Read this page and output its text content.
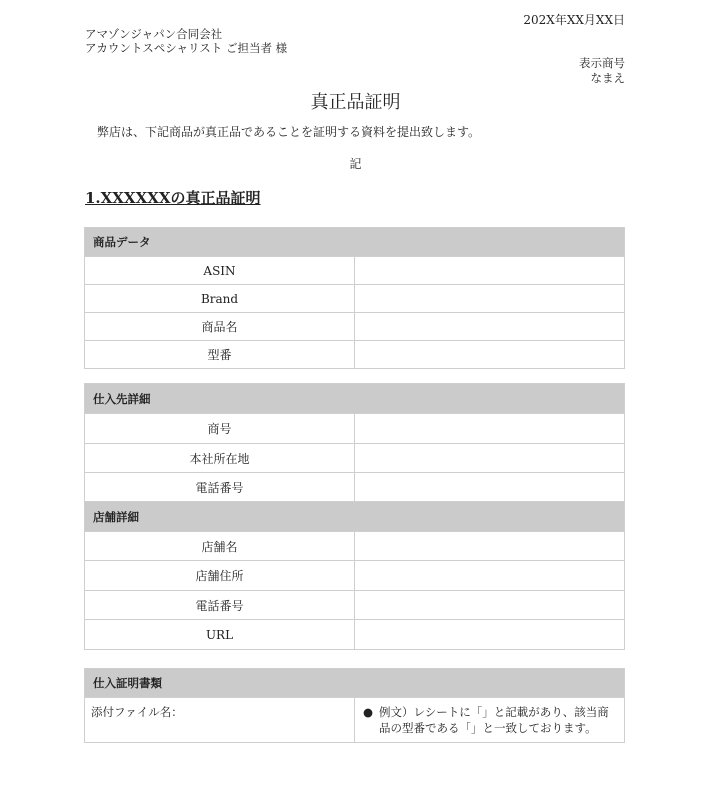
202X年XX月XX日
アマゾンジャパン合同会社
アカウントスペシャリスト ご担当者 様
表示商号
なまえ
真正品証明
弊店は、下記商品が真正品であることを証明する資料を提出致します。
記
1.XXXXXXの真正品証明
商品データ	
ASIN	
Brand	
商品名	
型番	
仕入先詳細	
商号	
本社所在地	
電話番号	
店舗詳細	
店舗名	
店舗住所	
電話番号	
URL	
仕入証明書類
添付ファイル名：	● 例文）レシートに「」と記載があり、該当商品の型番である「」と一致しております。
